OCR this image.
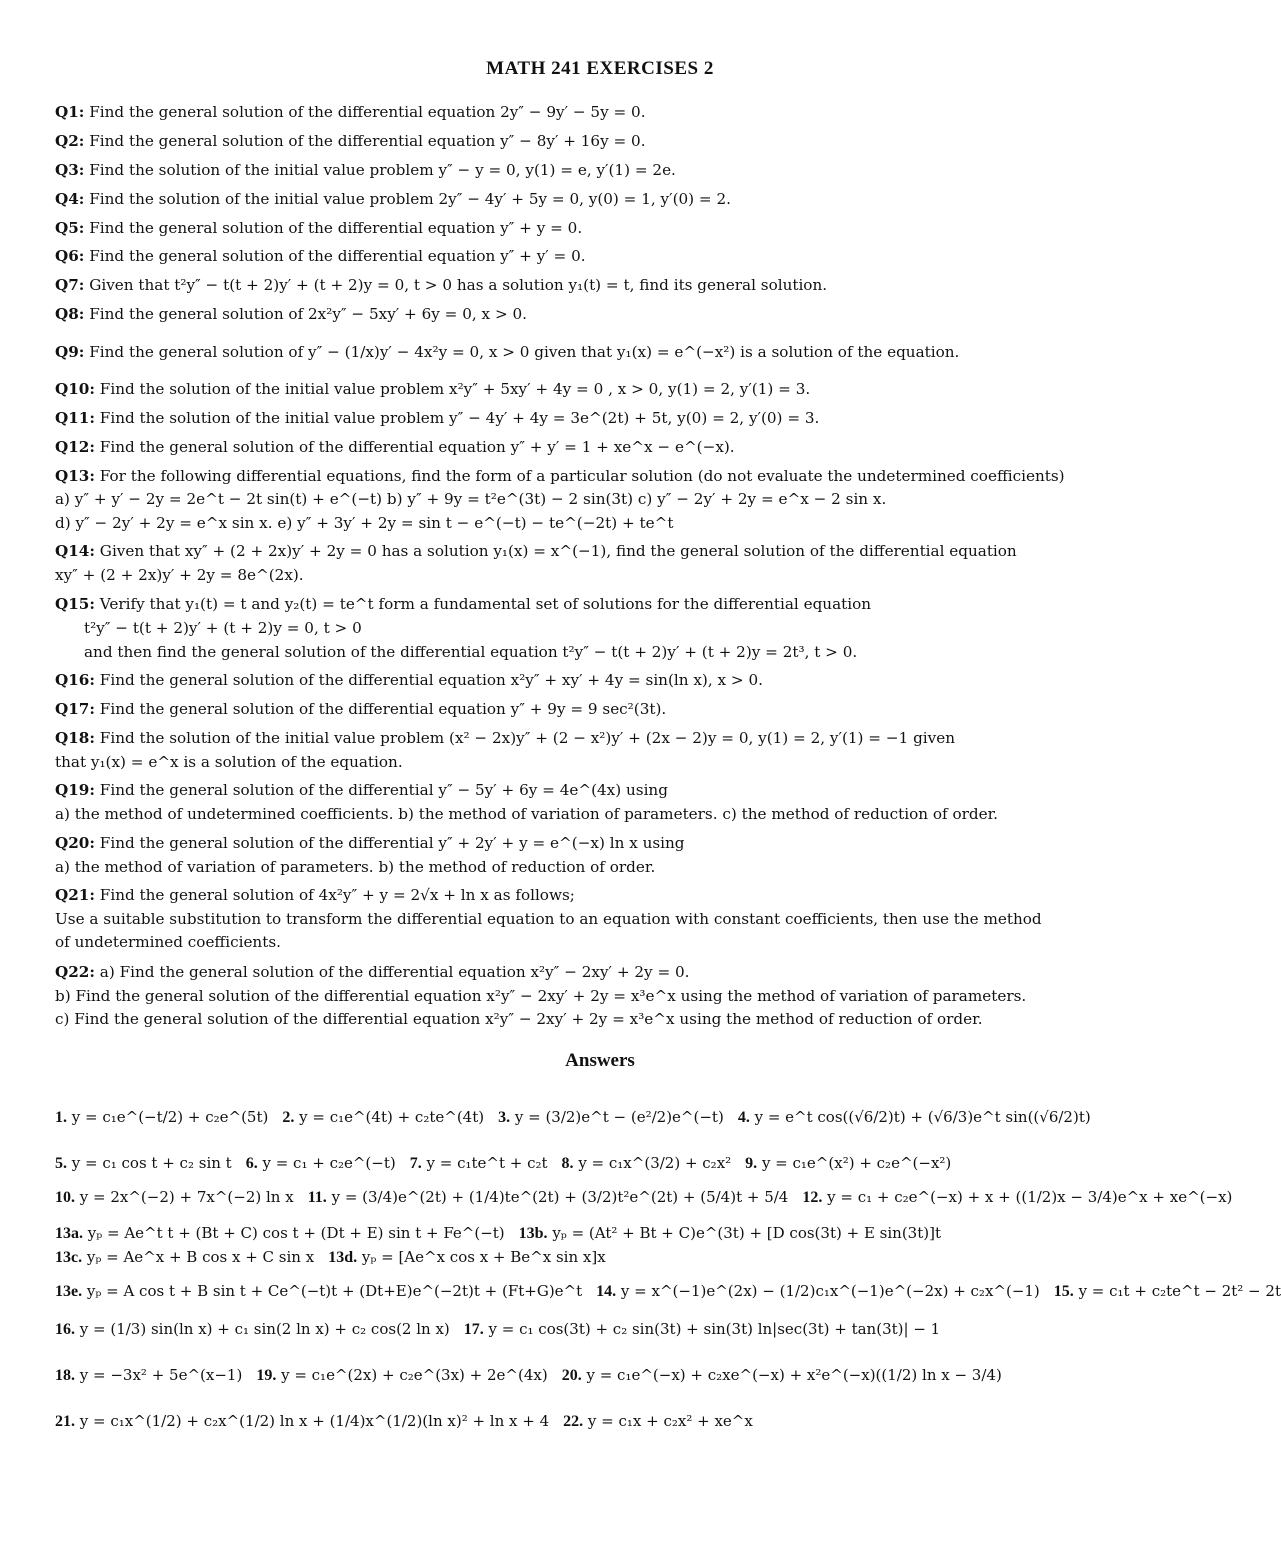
MATH 241 EXERCISES 2
Q1: Find the general solution of the differential equation 2y″ − 9y′ − 5y = 0.
Q2: Find the general solution of the differential equation y″ − 8y′ + 16y = 0.
Q3: Find the solution of the initial value problem y″ − y = 0, y(1) = e, y′(1) = 2e.
Q4: Find the solution of the initial value problem 2y″ − 4y′ + 5y = 0, y(0) = 1, y′(0) = 2.
Q5: Find the general solution of the differential equation y″ + y = 0.
Q6: Find the general solution of the differential equation y″ + y′ = 0.
Q7: Given that t²y″ − t(t + 2)y′ + (t + 2)y = 0, t > 0 has a solution y₁(t) = t, find its general solution.
Q8: Find the general solution of 2x²y″ − 5xy′ + 6y = 0, x > 0.
Q9: Find the general solution of y″ − (1/x)y′ − 4x²y = 0, x > 0 given that y₁(x) = e^(−x²) is a solution of the equation.
Q10: Find the solution of the initial value problem x²y″ + 5xy′ + 4y = 0 , x > 0, y(1) = 2, y′(1) = 3.
Q11: Find the solution of the initial value problem y″ − 4y′ + 4y = 3e^(2t) + 5t, y(0) = 2, y′(0) = 3.
Q12: Find the general solution of the differential equation y″ + y′ = 1 + xe^x − e^(−x).
Q13: For the following differential equations, find the form of a particular solution (do not evaluate the undetermined coefficients)
a) y″ + y′ − 2y = 2e^t − 2t sin(t) + e^(−t) b) y″ + 9y = t²e^(3t) − 2 sin(3t) c) y″ − 2y′ + 2y = e^x − 2 sin x.
d) y″ − 2y′ + 2y = e^x sin x. e) y″ + 3y′ + 2y = sin t − e^(−t) − te^(−2t) + te^t
Q14: Given that xy″ + (2 + 2x)y′ + 2y = 0 has a solution y₁(x) = x^(−1), find the general solution of the differential equation
xy″ + (2 + 2x)y′ + 2y = 8e^(2x).
Q15: Verify that y₁(t) = t and y₂(t) = te^t form a fundamental set of solutions for the differential equation
t²y″ − t(t + 2)y′ + (t + 2)y = 0, t > 0
and then find the general solution of the differential equation t²y″ − t(t + 2)y′ + (t + 2)y = 2t³, t > 0.
Q16: Find the general solution of the differential equation x²y″ + xy′ + 4y = sin(ln x), x > 0.
Q17: Find the general solution of the differential equation y″ + 9y = 9 sec²(3t).
Q18: Find the solution of the initial value problem (x² − 2x)y″ + (2 − x²)y′ + (2x − 2)y = 0, y(1) = 2, y′(1) = −1 given
that y₁(x) = e^x is a solution of the equation.
Q19: Find the general solution of the differential y″ − 5y′ + 6y = 4e^(4x) using
a) the method of undetermined coefficients. b) the method of variation of parameters. c) the method of reduction of order.
Q20: Find the general solution of the differential y″ + 2y′ + y = e^(−x) ln x using
a) the method of variation of parameters. b) the method of reduction of order.
Q21: Find the general solution of 4x²y″ + y = 2√x + ln x as follows;
Use a suitable substitution to transform the differential equation to an equation with constant coefficients, then use the method
of undetermined coefficients.
Q22: a) Find the general solution of the differential equation x²y″ − 2xy′ + 2y = 0.
b) Find the general solution of the differential equation x²y″ − 2xy′ + 2y = x³e^x using the method of variation of parameters.
c) Find the general solution of the differential equation x²y″ − 2xy′ + 2y = x³e^x using the method of reduction of order.
Answers
1. y = c₁e^(−t/2) + c₂e^(5t) 2. y = c₁e^(4t) + c₂te^(4t) 3. y = (3/2)e^t − (e²/2)e^(−t) 4. y = e^t cos((√6/2)t) + (√6/3)e^t sin((√6/2)t)
5. y = c₁ cos t + c₂ sin t 6. y = c₁ + c₂e^(−t) 7. y = c₁te^t + c₂t 8. y = c₁x^(3/2) + c₂x² 9. y = c₁e^(x²) + c₂e^(−x²)
10. y = 2x^(−2) + 7x^(−2) ln x 11. y = (3/4)e^(2t) + (1/4)te^(2t) + (3/2)t²e^(2t) + (5/4)t + 5/4 12. y = c₁ + c₂e^(−x) + x + ((1/2)x − 3/4)e^x + xe^(−x)
13a. yₚ = Ae^t t + (Bt + C) cos t + (Dt + E) sin t + Fe^(−t) 13b. yₚ = (At² + Bt + C)e^(3t) + [D cos(3t) + E sin(3t)]t
13c. yₚ = Ae^x + B cos x + C sin x 13d. yₚ = [Ae^x cos x + Be^x sin x]x
13e. yₚ = A cos t + B sin t + Ce^(−t)t + (Dt+E)e^(−2t)t + (Ft+G)e^t 14. y = x^(−1)e^(2x) − (1/2)c₁x^(−1)e^(−2x) + c₂x^(−1) 15. y = c₁t + c₂te^t − 2t² − 2t
16. y = (1/3) sin(ln x) + c₁ sin(2 ln x) + c₂ cos(2 ln x) 17. y = c₁ cos(3t) + c₂ sin(3t) + sin(3t) ln|sec(3t) + tan(3t)| − 1
18. y = −3x² + 5e^(x−1) 19. y = c₁e^(2x) + c₂e^(3x) + 2e^(4x) 20. y = c₁e^(−x) + c₂xe^(−x) + x²e^(−x)((1/2) ln x − 3/4)
21. y = c₁x^(1/2) + c₂x^(1/2) ln x + (1/4)x^(1/2)(ln x)² + ln x + 4 22. y = c₁x + c₂x² + xe^x
